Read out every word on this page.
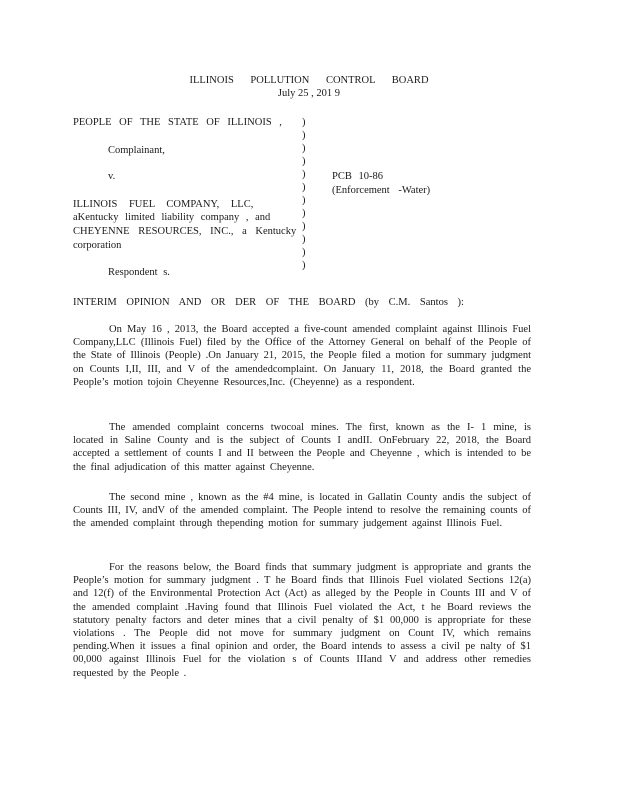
ILLINOIS POLLUTION CONTROL BOARD
July 25 , 201 9
PEOPLE OF THE STATE OF ILLINOIS ,
Complainant,
v.
ILLINOIS FUEL COMPANY, LLC,
aKentucky limited liability company , and
CHEYENNE RESOURCES, INC., a Kentucky
corporation
Respondent s.
PCB 10-86
(Enforcement -Water)
)
)
)
)
)
)
)
)
)
)
)
)
INTERIM OPINION AND OR DER OF THE BOARD (by C.M. Santos ):
On May 16 , 2013, the Board accepted a five-count amended complaint against Illinois Fuel Company,LLC (Illinois Fuel) filed by the Office of the Attorney General on behalf of the People of the State of Illinois (People) .On January 21, 2015, the People filed a motion for summary judgment on Counts I,II, III, and V of the amendedcomplaint. On January 11, 2018, the Board granted the People’s motion tojoin Cheyenne Resources,Inc. (Cheyenne) as a respondent.
The amended complaint concerns twocoal mines. The first, known as the I- 1 mine, is located in Saline County and is the subject of Counts I andII. OnFebruary 22, 2018, the Board accepted a settlement of counts I and II between the People and Cheyenne , which is intended to be the final adjudication of this matter against Cheyenne.
The second mine , known as the #4 mine, is located in Gallatin County andis the subject of Counts III, IV, andV of the amended complaint. The People intend to resolve the remaining counts of the amended complaint through thepending motion for summary judgement against Illinois Fuel.
For the reasons below, the Board finds that summary judgment is appropriate and grants the People’s motion for summary judgment . T he Board finds that Illinois Fuel violated Sections 12(a) and 12(f) of the Environmental Protection Act (Act) as alleged by the People in Counts III and V of the amended complaint .Having found that Illinois Fuel violated the Act, t he Board reviews the statutory penalty factors and deter mines that a civil penalty of $1 00,000 is appropriate for these violations . The People did not move for summary judgment on Count IV, which remains pending.When it issues a final opinion and order, the Board intends to assess a civil pe nalty of $1 00,000 against Illinois Fuel for the violation s of Counts IIIand V and address other remedies requested by the People .
